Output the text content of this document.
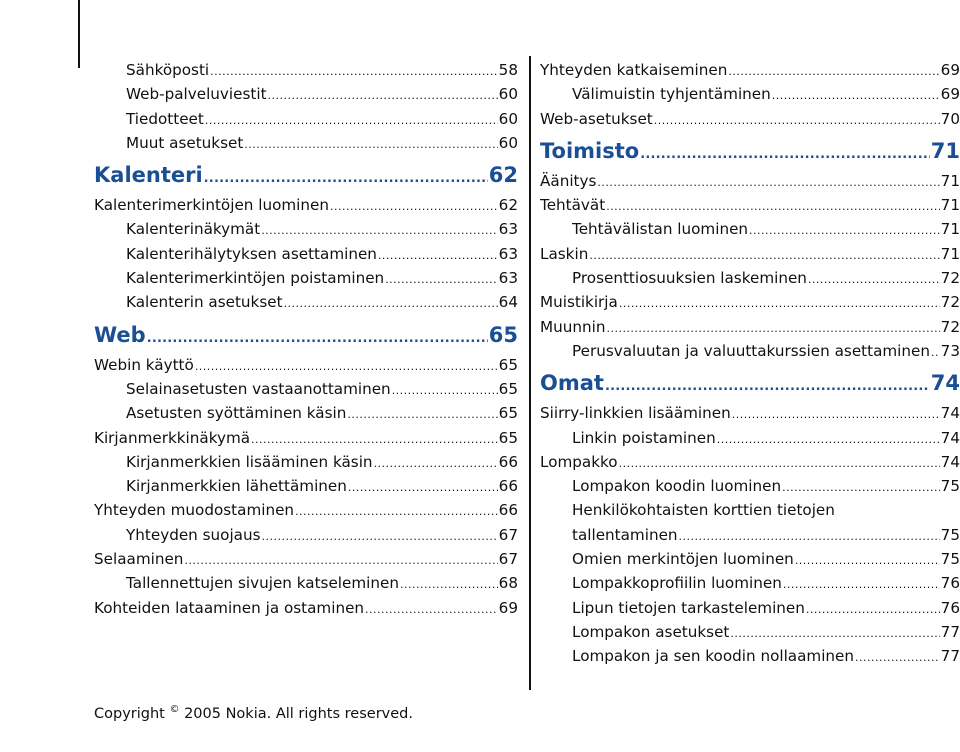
Sähköposti .....	58
Web-palveluviestit .....	60
Tiedotteet .....	60
Muut asetukset .....	60
Kalenteri .....	62
Kalenterimerkintöjen luominen .....	62
Kalenterinäkymät .....	63
Kalenterihälytyksen asettaminen .....	63
Kalenterimerkintöjen poistaminen .....	63
Kalenterin asetukset .....	64
Web .....	65
Webin käyttö .....	65
Selainasetusten vastaanottaminen .....	65
Asetusten syöttäminen käsin .....	65
Kirjanmerkkinäkymä .....	65
Kirjanmerkkien lisääminen käsin .....	66
Kirjanmerkkien lähettäminen .....	66
Yhteyden muodostaminen .....	66
Yhteyden suojaus .....	67
Selaaminen .....	67
Tallennettujen sivujen katseleminen .....	68
Kohteiden lataaminen ja ostaminen .....	69
Yhteyden katkaiseminen .....	69
Välimuistin tyhjentäminen .....	69
Web-asetukset .....	70
Toimisto .....	71
Äänitys .....	71
Tehtävät .....	71
Tehtävälistan luominen .....	71
Laskin .....	71
Prosenttiosuuksien laskeminen .....	72
Muistikirja .....	72
Muunnin .....	72
Perusvaluutan ja valuuttakurssien asettaminen ..... 73
Omat .....	74
Siirry-linkkien lisääminen .....	74
Linkin poistaminen .....	74
Lompakko .....	74
Lompakon koodin luominen .....	75
Henkilökohtaisten korttien tietojen
tallentaminen .....	75
Omien merkintöjen luominen .....	75
Lompakkoprofiilin luominen .....	76
Lipun tietojen tarkasteleminen .....	76
Lompakon asetukset .....	77
Lompakon ja sen koodin nollaaminen .....	77
Copyright © 2005 Nokia. All rights reserved.
